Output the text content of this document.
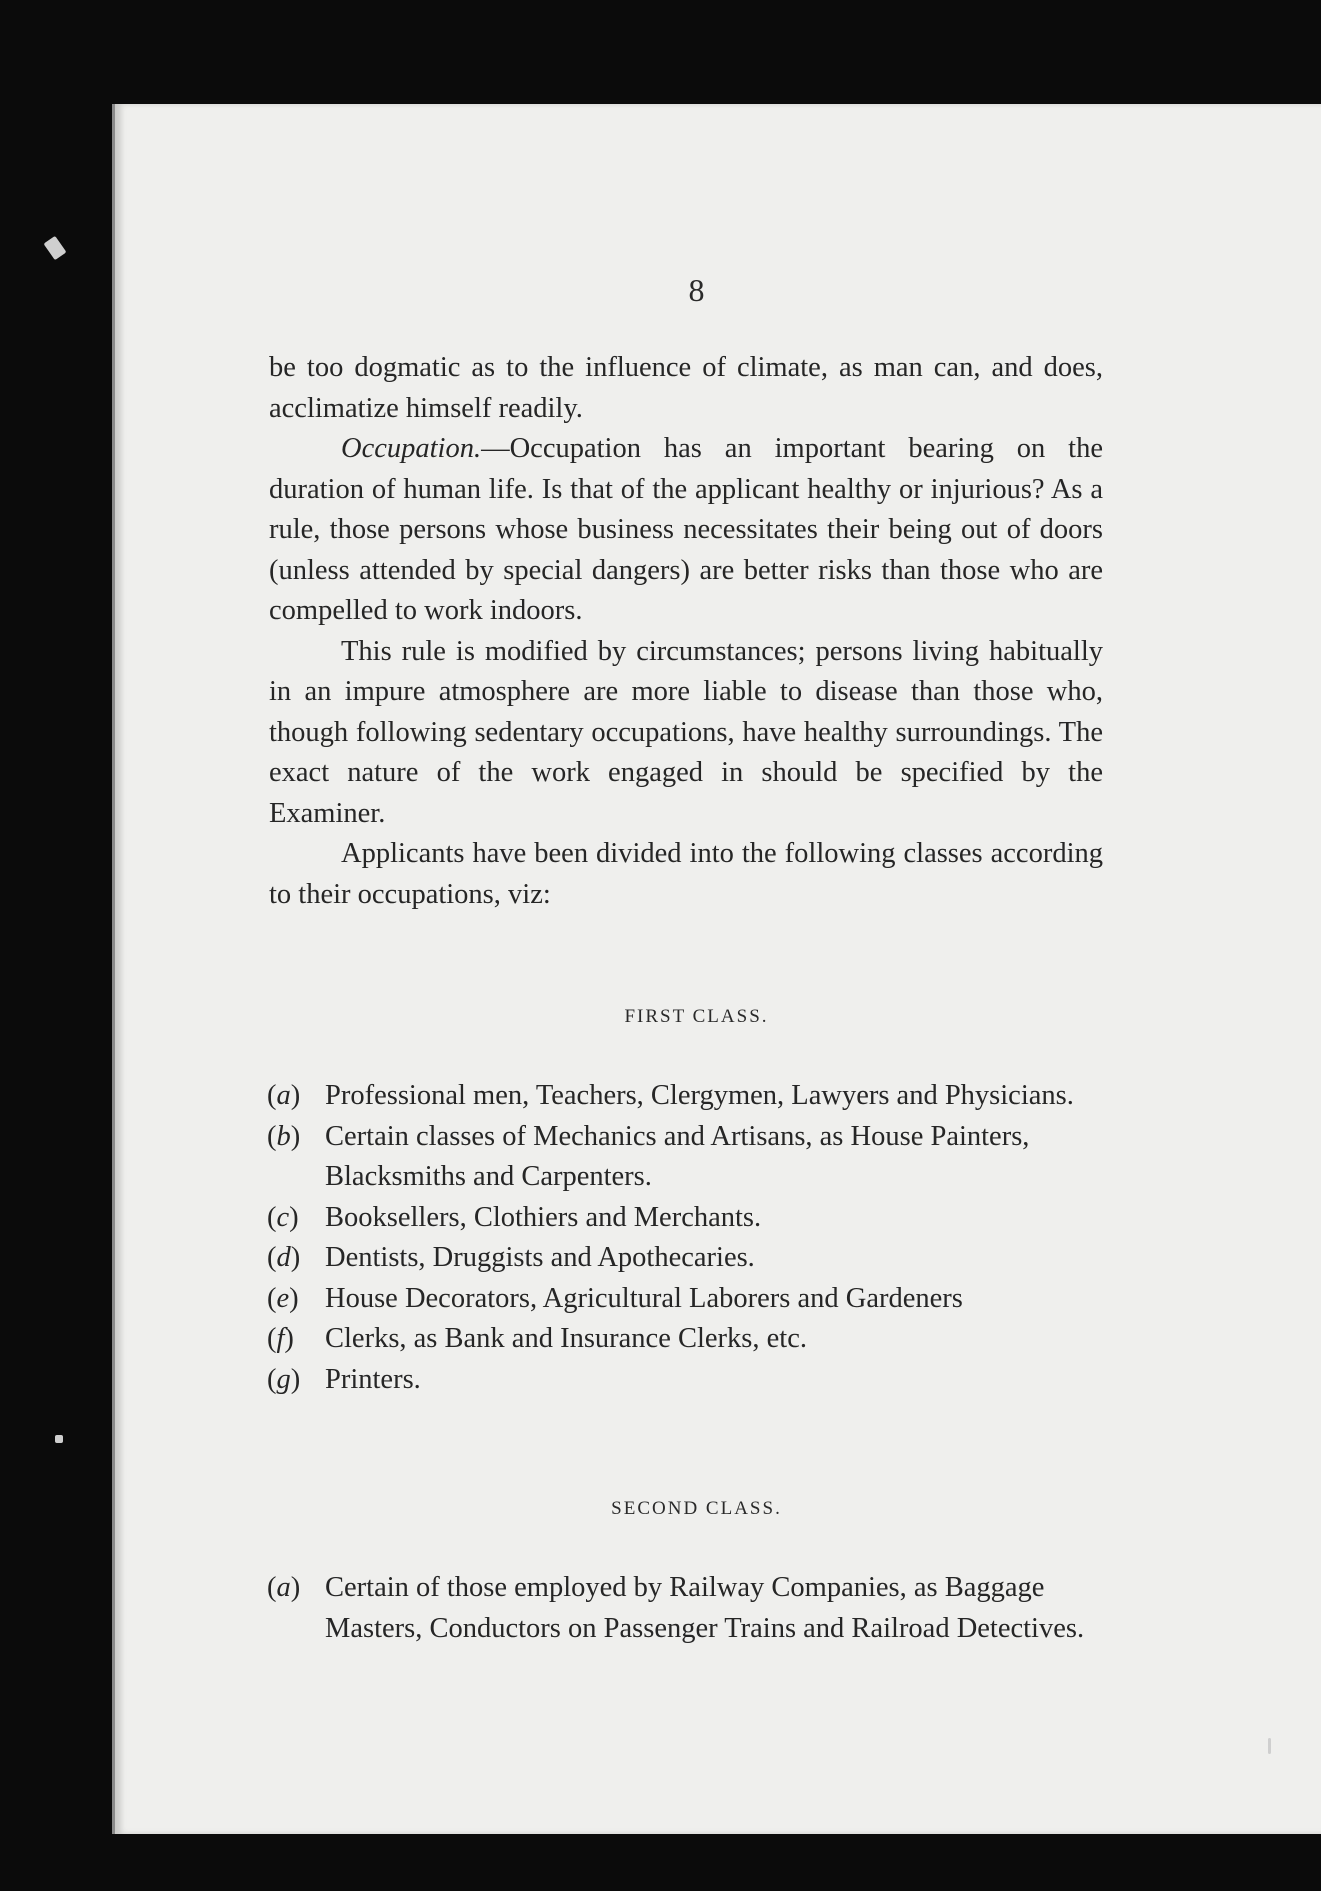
8

be too dogmatic as to the influence of climate, as man can, and does, acclimatize himself readily.

Occupation.—Occupation has an important bearing on the duration of human life. Is that of the applicant healthy or injurious? As a rule, those persons whose business necessitates their being out of doors (unless attended by special dangers) are better risks than those who are compelled to work indoors.

This rule is modified by circumstances; persons living habitually in an impure atmosphere are more liable to disease than those who, though following sedentary occupations, have healthy surroundings. The exact nature of the work engaged in should be specified by the Examiner.

Applicants have been divided into the following classes according to their occupations, viz:

FIRST CLASS.
(a) Professional men, Teachers, Clergymen, Lawyers and Physicians.
(b) Certain classes of Mechanics and Artisans, as House Painters, Blacksmiths and Carpenters.
(c) Booksellers, Clothiers and Merchants.
(d) Dentists, Druggists and Apothecaries.
(e) House Decorators, Agricultural Laborers and Gardeners
(f) Clerks, as Bank and Insurance Clerks, etc.
(g) Printers.
SECOND CLASS.
(a) Certain of those employed by Railway Companies, as Baggage Masters, Conductors on Passenger Trains and Railroad Detectives.
